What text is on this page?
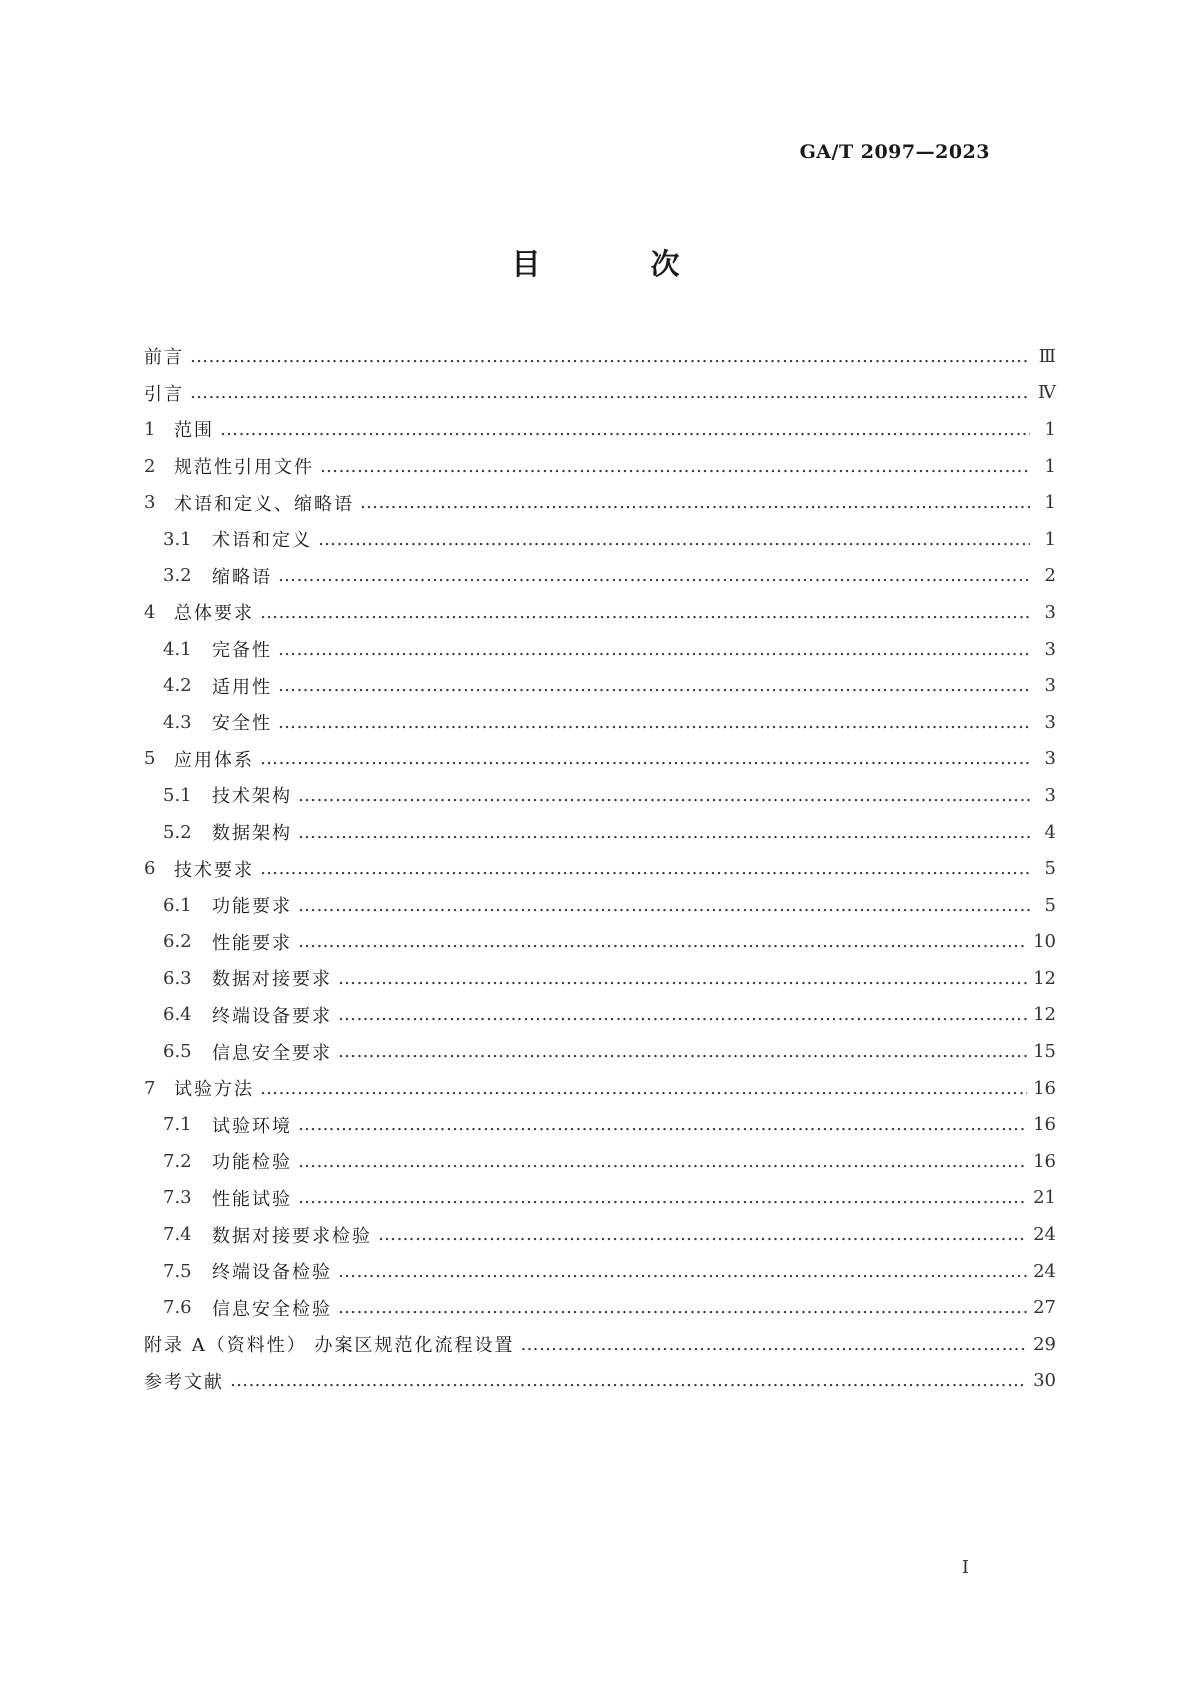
GA/T 2097—2023
目 次
前言 ……………………………………………………………………………………………………………………………………………………………………………………………………………………………………………	Ⅲ
引言 ……………………………………………………………………………………………………………………………………………………………………………………………………………………………………………	Ⅳ
1	范围 ……………………………………………………………………………………………………………………………………………………………………………………………………………………………………………	1
2	规范性引用文件 ……………………………………………………………………………………………………………………………………………………………………………………………………………………………………………	1
3	术语和定义、缩略语 ……………………………………………………………………………………………………………………………………………………………………………………………………………………………………………	1
3.1	术语和定义 ……………………………………………………………………………………………………………………………………………………………………………………………………………………………………………	1
3.2	缩略语 ……………………………………………………………………………………………………………………………………………………………………………………………………………………………………………	2
4	总体要求 ……………………………………………………………………………………………………………………………………………………………………………………………………………………………………………	3
4.1	完备性 ……………………………………………………………………………………………………………………………………………………………………………………………………………………………………………	3
4.2	适用性 ……………………………………………………………………………………………………………………………………………………………………………………………………………………………………………	3
4.3	安全性 ……………………………………………………………………………………………………………………………………………………………………………………………………………………………………………	3
5	应用体系 ……………………………………………………………………………………………………………………………………………………………………………………………………………………………………………	3
5.1	技术架构 ……………………………………………………………………………………………………………………………………………………………………………………………………………………………………………	3
5.2	数据架构 ……………………………………………………………………………………………………………………………………………………………………………………………………………………………………………	4
6	技术要求 ……………………………………………………………………………………………………………………………………………………………………………………………………………………………………………	5
6.1	功能要求 ……………………………………………………………………………………………………………………………………………………………………………………………………………………………………………	5
6.2	性能要求 ……………………………………………………………………………………………………………………………………………………………………………………………………………………………………………	10
6.3	数据对接要求 ……………………………………………………………………………………………………………………………………………………………………………………………………………………………………………	12
6.4	终端设备要求 ……………………………………………………………………………………………………………………………………………………………………………………………………………………………………………	12
6.5	信息安全要求 ……………………………………………………………………………………………………………………………………………………………………………………………………………………………………………	15
7	试验方法 ……………………………………………………………………………………………………………………………………………………………………………………………………………………………………………	16
7.1	试验环境 ……………………………………………………………………………………………………………………………………………………………………………………………………………………………………………	16
7.2	功能检验 ……………………………………………………………………………………………………………………………………………………………………………………………………………………………………………	16
7.3	性能试验 ……………………………………………………………………………………………………………………………………………………………………………………………………………………………………………	21
7.4	数据对接要求检验 ……………………………………………………………………………………………………………………………………………………………………………………………………………………………………………	24
7.5	终端设备检验 ……………………………………………………………………………………………………………………………………………………………………………………………………………………………………………	24
7.6	信息安全检验 ……………………………………………………………………………………………………………………………………………………………………………………………………………………………………………	27
附录 A（资料性） 办案区规范化流程设置 ……………………………………………………………………………………………………………………………………………………………………………………………………………………………………………	29
参考文献 ……………………………………………………………………………………………………………………………………………………………………………………………………………………………………………	30
I
